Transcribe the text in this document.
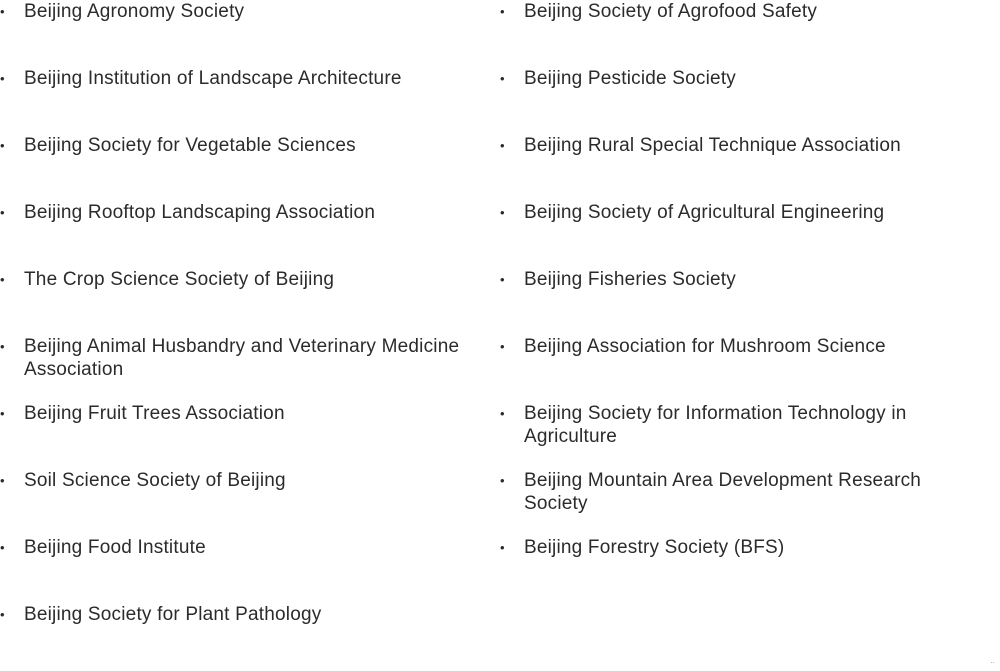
• Beijing Agronomy Society
• Beijing Institution of Landscape Architecture
• Beijing Society for Vegetable Sciences
• Beijing Rooftop Landscaping Association
• The Crop Science Society of Beijing
• Beijing Animal Husbandry and Veterinary Medicine Association
• Beijing Fruit Trees Association
• Soil Science Society of Beijing
• Beijing Food Institute
• Beijing Society for Plant Pathology
• Beijing Society of Agrofood Safety
• Beijing Pesticide Society
• Beijing Rural Special Technique Association
• Beijing Society of Agricultural Engineering
• Beijing Fisheries Society
• Beijing Association for Mushroom Science
• Beijing Society for Information Technology in Agriculture
• Beijing Mountain Area Development Research Society
• Beijing Forestry Society (BFS)
..
